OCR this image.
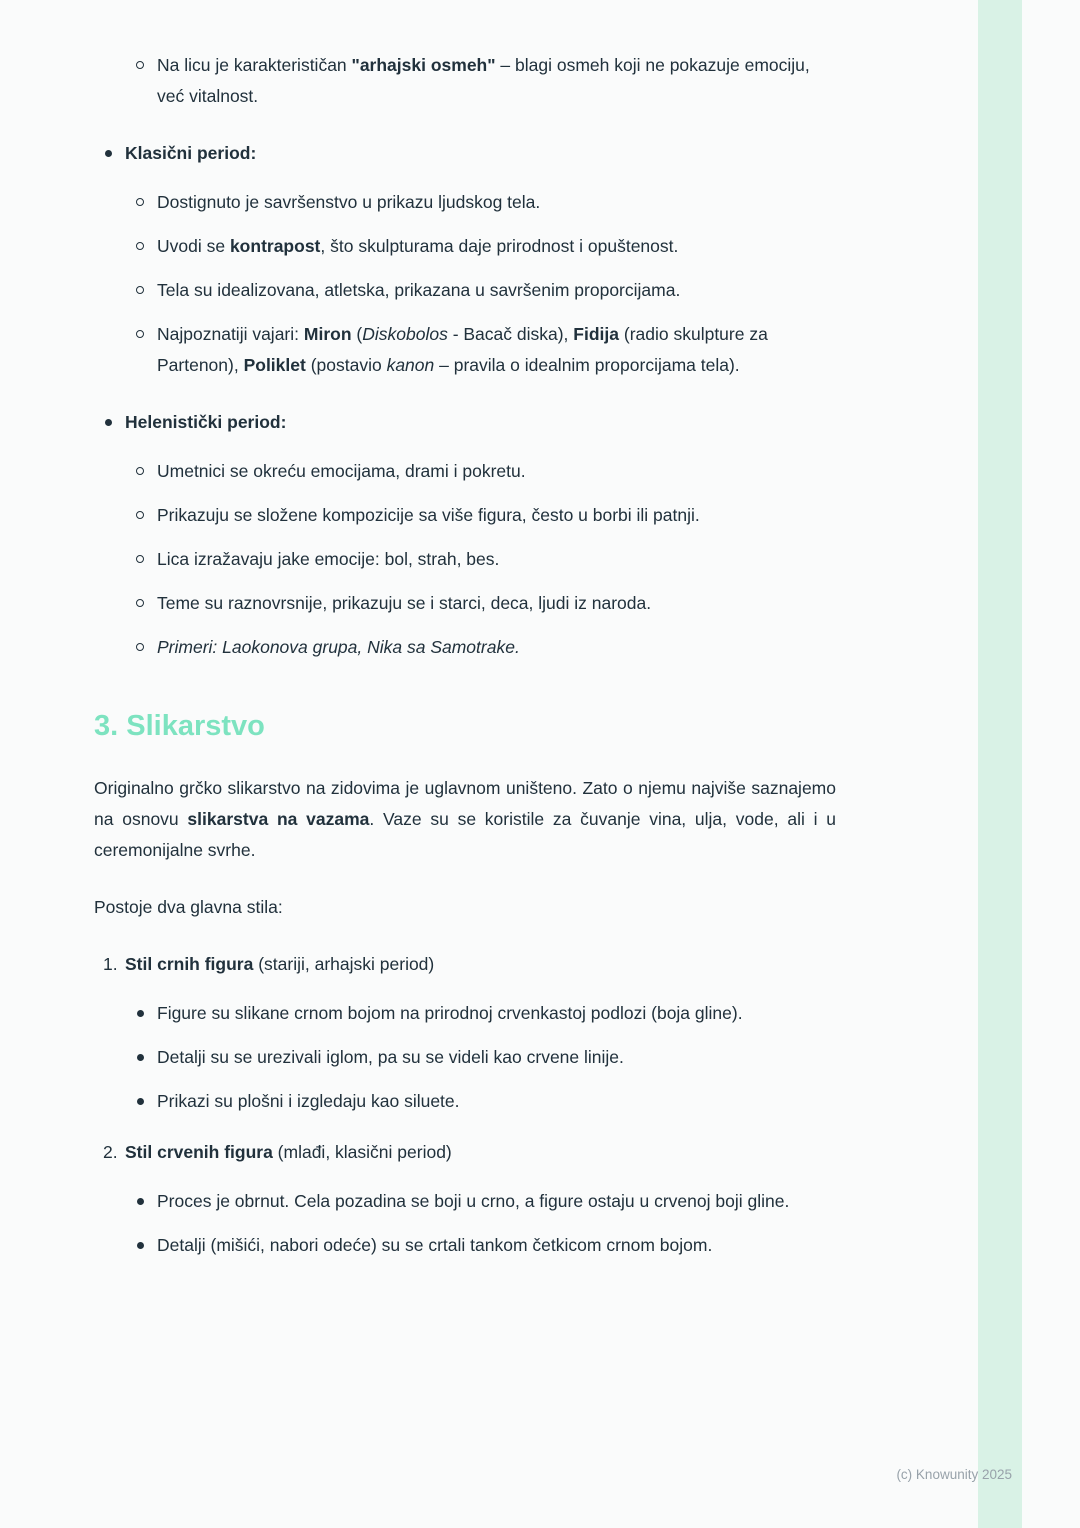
Na licu je karakterističan "arhajski osmeh" – blagi osmeh koji ne pokazuje emociju, već vitalnost.
Klasični period:
Dostignuto je savršenstvo u prikazu ljudskog tela.
Uvodi se kontrapost, što skulpturama daje prirodnost i opuštenost.
Tela su idealizovana, atletska, prikazana u savršenim proporcijama.
Najpoznatiji vajari: Miron (Diskobolos - Bacač diska), Fidija (radio skulpture za Partenon), Poliklet (postavio kanon – pravila o idealnim proporcijama tela).
Helenistički period:
Umetnici se okreću emocijama, drami i pokretu.
Prikazuju se složene kompozicije sa više figura, često u borbi ili patnji.
Lica izražavaju jake emocije: bol, strah, bes.
Teme su raznovrsnije, prikazuju se i starci, deca, ljudi iz naroda.
Primeri: Laokonova grupa, Nika sa Samotrake.
3. Slikarstvo

Originalno grčko slikarstvo na zidovima je uglavnom uništeno. Zato o njemu najviše saznajemo na osnovu slikarstva na vazama. Vaze su se koristile za čuvanje vina, ulja, vode, ali i u ceremonijalne svrhe.

Postoje dva glavna stila:

1. Stil crnih figura (stariji, arhajski period)
Figure su slikane crnom bojom na prirodnoj crvenkastoj podlozi (boja gline).
Detalji su se urezivali iglom, pa su se videli kao crvene linije.
Prikazi su plošni i izgledaju kao siluete.
2. Stil crvenih figura (mlađi, klasični period)
Proces je obrnut. Cela pozadina se boji u crno, a figure ostaju u crvenoj boji gline.
Detalji (mišići, nabori odeće) su se crtali tankom četkicom crnom bojom.
(c) Knowunity 2025
